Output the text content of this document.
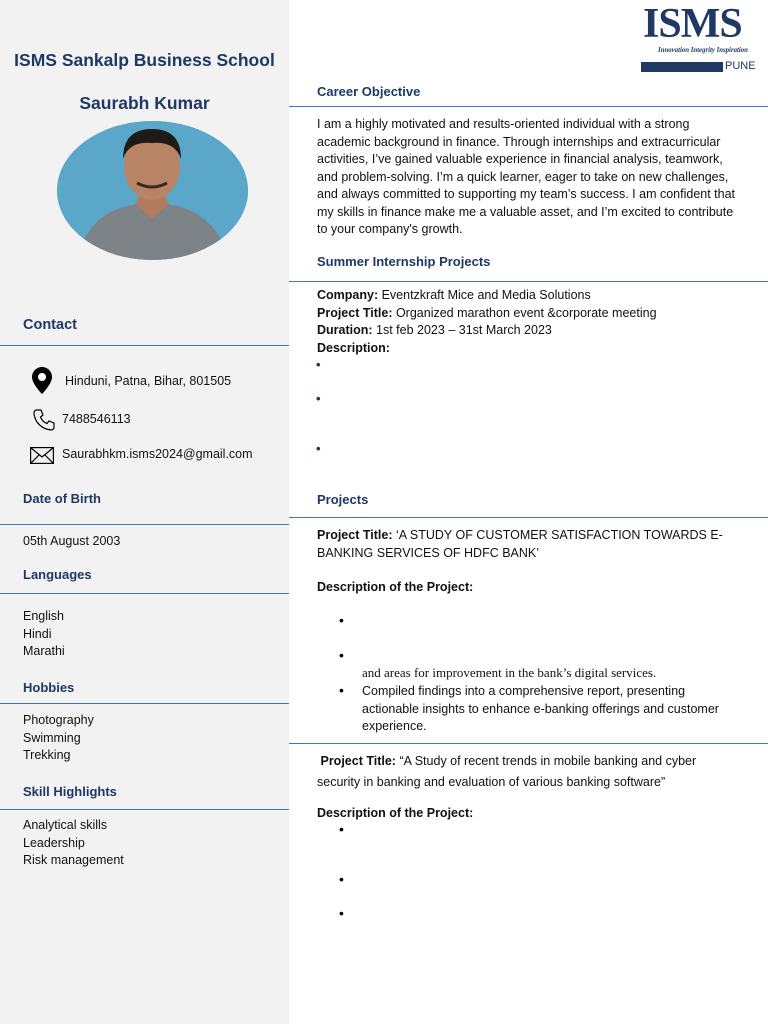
ISMS Sankalp Business School
Saurabh Kumar
Contact
Hinduni, Patna, Bihar, 801505
7488546113
Saurabhkm.isms2024@gmail.com
Date of Birth
05th August 2003
Languages
English
Hindi
Marathi
Hobbies
Photography
Swimming
Trekking
Skill Highlights
Analytical skills
Leadership
Risk management
ISMS
Innovation Integrity Inspiration
PUNE
Career Objective

I am a highly motivated and results-oriented individual with a strong academic background in finance. Through internships and extracurricular activities, I’ve gained valuable experience in financial analysis, teamwork, and problem-solving. I’m a quick learner, eager to take on new challenges, and always committed to supporting my team’s success. I am confident that my skills in finance make me a valuable asset, and I’m excited to contribute to your company's growth.

Summer Internship Projects
Company: Eventzkraft Mice and Media Solutions
Project Title: Organized marathon event &corporate meeting
Duration: 1st feb 2023 – 31st March 2023
Description:
•
•
•
Projects
Project Title: ‘A STUDY OF CUSTOMER SATISFACTION TOWARDS E-BANKING SERVICES OF HDFC BANK’
Description of the Project:
•
•
and areas for improvement in the bank’s digital services.
• Compiled findings into a comprehensive report, presenting actionable insights to enhance e-banking offerings and customer experience.

Project Title: “A Study of recent trends in mobile banking and cyber security in banking and evaluation of various banking software”
Description of the Project:
•
•
•
